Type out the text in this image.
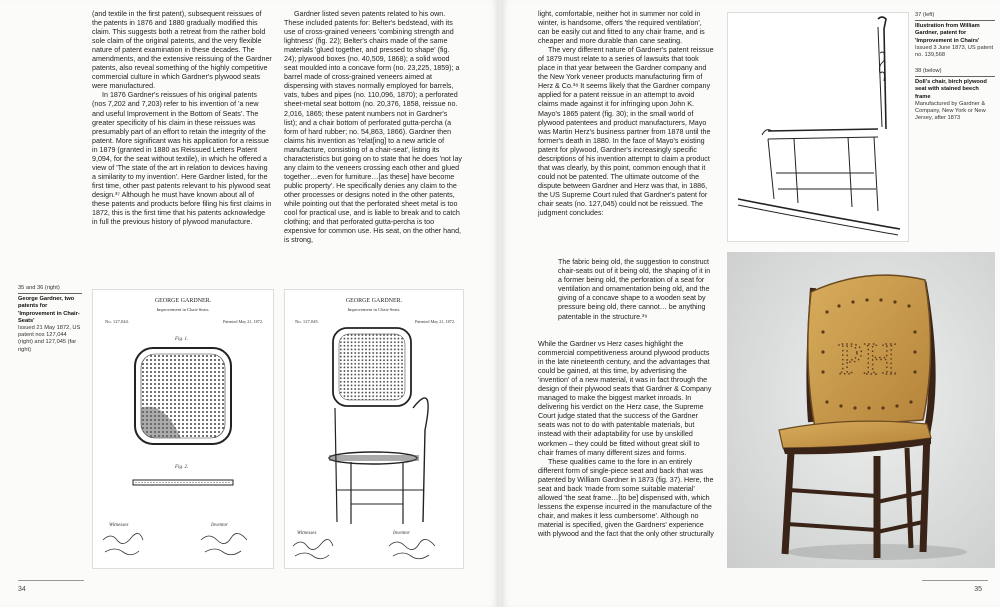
(and textile in the first patent), subsequent reissues of the patents in 1876 and 1880 gradually modified this claim. This suggests both a retreat from the rather bold sole claim of the original patents, and the very flexible nature of patent examination in these decades. The amendments, and the extensive reissuing of the Gardner patents, also reveal something of the highly competitive commercial culture in which Gardner's plywood seats were manufactured.

In 1876 Gardner's reissues of his original patents (nos 7,202 and 7,203) refer to his invention of 'a new and useful Improvement in the Bottom of Seats'. The greater specificity of his claim in these reissues was presumably part of an effort to retain the integrity of the patent. More significant was his application for a reissue in 1879 (granted in 1880 as Reissued Letters Patent 9,094, for the seat without textile), in which he offered a view of 'The state of the art in relation to devices having a similarity to my invention'. Here Gardner listed, for the first time, other past patents relevant to his plywood seat design.³⁷ Although he must have known about all of these patents and products before filing his first claims in 1872, this is the first time that his patents acknowledge in full the previous history of plywood manufacture.

Gardner listed seven patents related to his own. These included patents for: Belter's bedstead, with its use of cross-grained veneers 'combining strength and lightness' (fig. 22); Belter's chairs made of the same materials 'glued together, and pressed to shape' (fig. 24); plywood boxes (no. 40,509, 1868); a solid wood seat moulded into a concave form (no. 23,225, 1859); a barrel made of cross-grained veneers aimed at dispensing with staves normally employed for barrels, vats, tubes and pipes (no. 110,096, 1870); a perforated sheet-metal seat bottom (no. 20,376, 1858, reissue no. 2,016, 1865; these patent numbers not in Gardner's list); and a chair bottom of perforated gutta-percha (a form of hard rubber; no. 54,863, 1866). Gardner then claims his invention as 'relat[ing] to a new article of manufacture, consisting of a chair-seat', listing its characteristics but going on to state that he does 'not lay any claim to the veneers crossing each other and glued together…even for furniture…[as these] have become public property'. He specifically denies any claim to the other processes or designs noted in the other patents, while pointing out that the perforated sheet metal is too cool for practical use, and is liable to break and to catch clothing; and that perforated gutta-percha is too expensive for common use. His seat, on the other hand, is strong,

35 and 36 (right)
George Gardner, two patents for 'Improvement in Chair-Seats'
Issued 21 May 1872, US patent nos 127,044 (right) and 127,045 (far right)
GEORGE GARDNER.
Improvement in Chair-Seats.
No. 127,044.	Patented May 21, 1872.
Fig. 1.
Fig. 2.
Witnesses	Inventor
GEORGE GARDNER.
Improvement in Chair-Seats.
No. 127,045.	Patented May 21, 1872.
Witnesses	Inventor
34

light, comfortable, neither hot in summer nor cold in winter, is handsome, offers 'the required ventilation', can be easily cut and fitted to any chair frame, and is cheaper and more durable than cane seating.

The very different nature of Gardner's patent reissue of 1879 must relate to a series of lawsuits that took place in that year between the Gardner company and the New York veneer products manufacturing firm of Herz & Co.³⁸ It seems likely that the Gardner company applied for a patent reissue in an attempt to avoid claims made against it for infringing upon John K. Mayo's 1865 patent (fig. 30); in the small world of plywood patentees and product manufacturers, Mayo was Martin Herz's business partner from 1878 until the former's death in 1880. In the face of Mayo's existing patent for plywood, Gardner's increasingly specific descriptions of his invention attempt to claim a product that was clearly, by this point, common enough that it could not be patented. The ultimate outcome of the dispute between Gardner and Herz was that, in 1886, the US Supreme Court ruled that Gardner's patent for chair seats (no. 127,045) could not be reissued. The judgment concludes:

The fabric being old, the suggestion to construct chair-seats out of it being old, the shaping of it in a former being old, the perforation of a seat for ventilation and ornamentation being old, and the giving of a concave shape to a wooden seat by pressure being old, there cannot… be anything patentable in the structure.³⁹

While the Gardner vs Herz cases highlight the commercial competitiveness around plywood products in the late nineteenth century, and the advantages that could be gained, at this time, by advertising the 'invention' of a new material, it was in fact through the design of their plywood seats that Gardner & Company managed to make the biggest market inroads. In delivering his verdict on the Herz case, the Supreme Court judge stated that the success of the Gardner seats was not to do with patentable materials, but instead with their adaptability for use by unskilled workmen – they could be fitted without great skill to chair frames of many different sizes and forms.

These qualities came to the fore in an entirely different form of single-piece seat and back that was patented by William Gardner in 1873 (fig. 37). Here, the seat and back 'made from some suitable material' allowed 'the seat frame…[to be] dispensed with, which lessens the expense incurred in the manufacture of the chair, and makes it less cumbersome'. Although no material is specified, given the Gardners' experience with plywood and the fact that the only other structurally

37 (left)
Illustration from William Gardner, patent for 'Improvement in Chairs'
Issued 3 June 1873, US patent no. 139,568
38 (below)
Doll's chair, birch plywood seat with stained beech frame
Manufactured by Gardner & Company, New York or New Jersey, after 1873
PH
35
